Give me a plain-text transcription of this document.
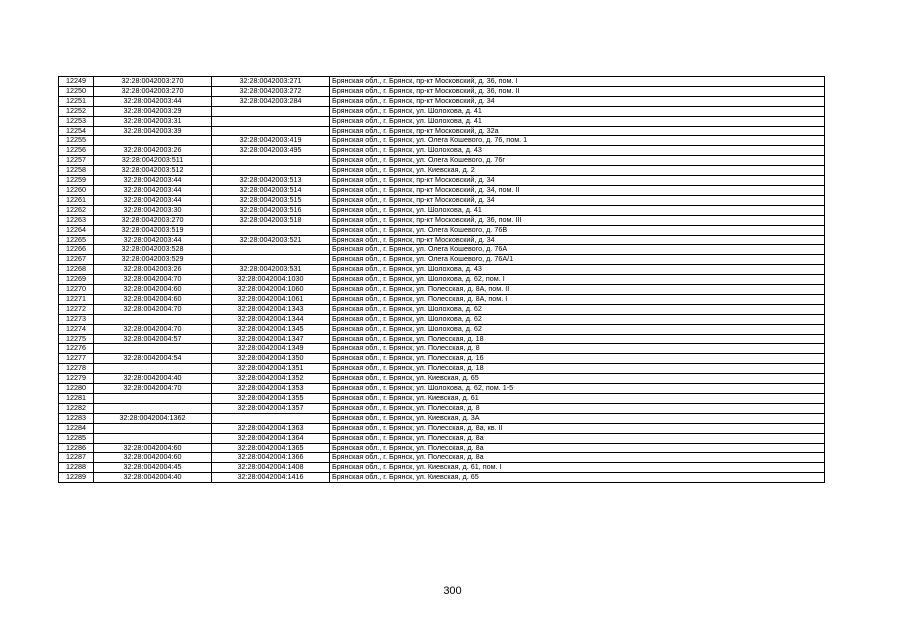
12249	32:28:0042003:270	32:28:0042003:271	Брянская обл., г. Брянск, пр-кт Московский, д. 36, пом. I
12250	32:28:0042003:270	32:28:0042003:272	Брянская обл., г. Брянск, пр-кт Московский, д. 36, пом. II
12251	32:28:0042003:44	32:28:0042003:284	Брянская обл., г. Брянск, пр-кт Московский, д. 34
12252	32:28:0042003:29		Брянская обл., г. Брянск, ул. Шолохова, д. 41
12253	32:28:0042003:31		Брянская обл., г. Брянск, ул. Шолохова, д. 41
12254	32:28:0042003:39		Брянская обл., г. Брянск, пр-кт Московский, д. 32а
12255		32:28:0042003:419	Брянская обл., г. Брянск, ул. Олега Кошевого, д. 76, пом. 1
12256	32:28:0042003:26	32:28:0042003:495	Брянская обл., г. Брянск, ул. Шолохова, д. 43
12257	32:28:0042003:511		Брянская обл., г. Брянск, ул. Олега Кошевого, д. 76г
12258	32:28:0042003:512		Брянская обл., г. Брянск, ул. Киевская, д. 2
12259	32:28:0042003:44	32:28:0042003:513	Брянская обл., г. Брянск, пр-кт Московский, д. 34
12260	32:28:0042003:44	32:28:0042003:514	Брянская обл., г. Брянск, пр-кт Московский, д. 34, пом. II
12261	32:28:0042003:44	32:28:0042003:515	Брянская обл., г. Брянск, пр-кт Московский, д. 34
12262	32:28:0042003:30	32:28:0042003:516	Брянская обл., г. Брянск, ул. Шолохова, д. 41
12263	32:28:0042003:270	32:28:0042003:518	Брянская обл., г. Брянск, пр-кт Московский, д. 36, пом. III
12264	32:28:0042003:519		Брянская обл., г. Брянск, ул. Олега Кошевого, д. 76В
12265	32:28:0042003:44	32:28:0042003:521	Брянская обл., г. Брянск, пр-кт Московский, д. 34
12266	32:28:0042003:528		Брянская обл., г. Брянск, ул. Олега Кошевого, д. 76А
12267	32:28:0042003:529		Брянская обл., г. Брянск, ул. Олега Кошевого, д. 76А/1
12268	32:28:0042003:26	32:28:0042003:531	Брянская обл., г. Брянск, ул. Шолохова, д. 43
12269	32:28:0042004:70	32:28:0042004:1030	Брянская обл., г. Брянск, ул. Шолохова, д. 62, пом. I
12270	32:28:0042004:60	32:28:0042004:1060	Брянская обл., г. Брянск, ул. Полесская, д. 8А, пом. II
12271	32:28:0042004:60	32:28:0042004:1061	Брянская обл., г. Брянск, ул. Полесская, д. 8А, пом. I
12272	32:28:0042004:70	32:28:0042004:1343	Брянская обл., г. Брянск, ул. Шолохова, д. 62
12273		32:28:0042004:1344	Брянская обл., г. Брянск, ул. Шолохова, д. 62
12274	32:28:0042004:70	32:28:0042004:1345	Брянская обл., г. Брянск, ул. Шолохова, д. 62
12275	32:28:0042004:57	32:28:0042004:1347	Брянская обл., г. Брянск, ул. Полесская, д. 18
12276		32:28:0042004:1349	Брянская обл., г. Брянск, ул. Полесская, д. 8
12277	32:28:0042004:54	32:28:0042004:1350	Брянская обл., г. Брянск, ул. Полесская, д. 16
12278		32:28:0042004:1351	Брянская обл., г. Брянск, ул. Полесская, д. 18
12279	32:28:0042004:40	32:28:0042004:1352	Брянская обл., г. Брянск, ул. Киевская, д. 65
12280	32:28:0042004:70	32:28:0042004:1353	Брянская обл., г. Брянск, ул. Шолохова, д. 62, пом. 1-5
12281		32:28:0042004:1355	Брянская обл., г. Брянск, ул. Киевская, д. 61
12282		32:28:0042004:1357	Брянская обл., г. Брянск, ул. Полесская, д. 8
12283	32:28:0042004:1362		Брянская обл., г. Брянск, ул. Киевская, д. 3А
12284		32:28:0042004:1363	Брянская обл., г. Брянск, ул. Полесская, д. 8а, кв. II
12285		32:28:0042004:1364	Брянская обл., г. Брянск, ул. Полесская, д. 8а
12286	32:28:0042004:60	32:28:0042004:1365	Брянская обл., г. Брянск, ул. Полесская, д. 8а
12287	32:28:0042004:60	32:28:0042004:1366	Брянская обл., г. Брянск, ул. Полесская, д. 8а
12288	32:28:0042004:45	32:28:0042004:1408	Брянская обл., г. Брянск, ул. Киевская, д. 61, пом. I
12289	32:28:0042004:40	32:28:0042004:1416	Брянская обл., г. Брянск, ул. Киевская, д. 65
300
